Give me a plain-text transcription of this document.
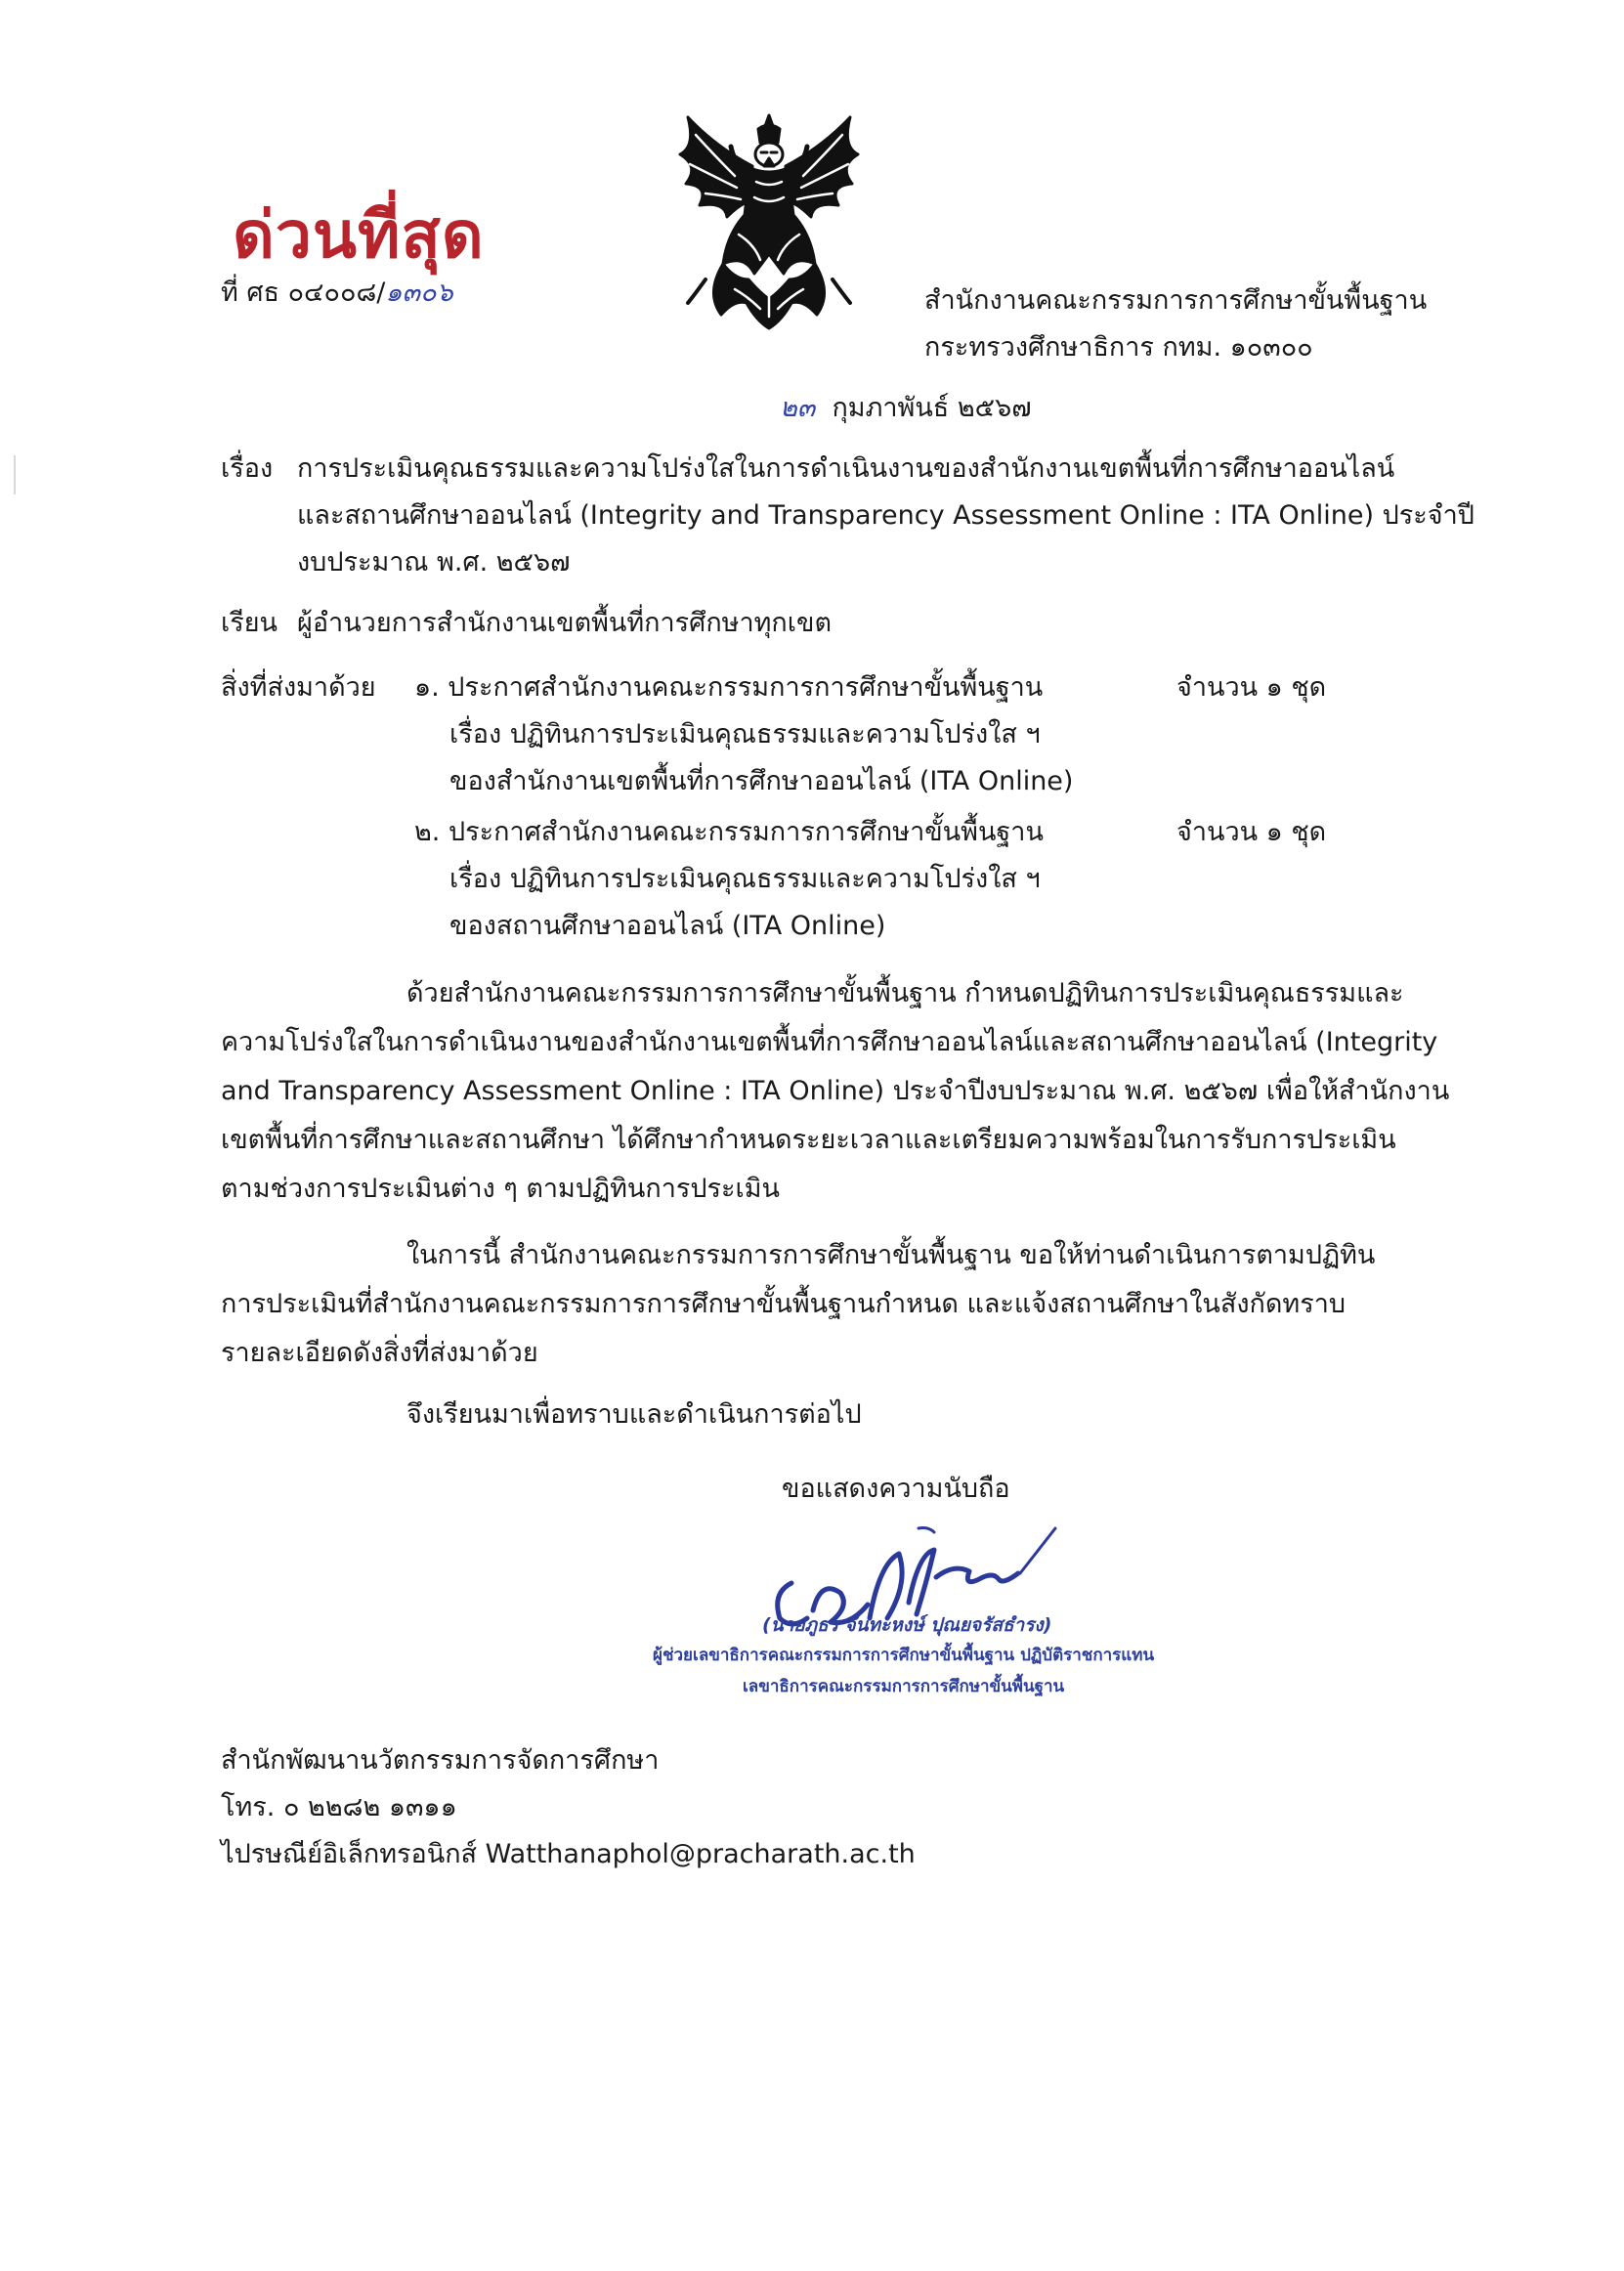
ด่วนที่สุด
ที่ ศธ ๐๔๐๐๘/๑๓๐๖	สำนักงานคณะกรรมการการศึกษาขั้นพื้นฐาน
กระทรวงศึกษาธิการ กทม. ๑๐๓๐๐
๒๓ กุมภาพันธ์ ๒๕๖๗
เรื่อง การประเมินคุณธรรมและความโปร่งใสในการดำเนินงานของสำนักงานเขตพื้นที่การศึกษาออนไลน์
และสถานศึกษาออนไลน์ (Integrity and Transparency Assessment Online : ITA Online) ประจำปี
งบประมาณ พ.ศ. ๒๕๖๗
เรียน ผู้อำนวยการสำนักงานเขตพื้นที่การศึกษาทุกเขต
สิ่งที่ส่งมาด้วย ๑. ประกาศสำนักงานคณะกรรมการการศึกษาขั้นพื้นฐาน	จำนวน ๑ ชุด
เรื่อง ปฏิทินการประเมินคุณธรรมและความโปร่งใส ฯ
ของสำนักงานเขตพื้นที่การศึกษาออนไลน์ (ITA Online)
๒. ประกาศสำนักงานคณะกรรมการการศึกษาขั้นพื้นฐาน	จำนวน ๑ ชุด
เรื่อง ปฏิทินการประเมินคุณธรรมและความโปร่งใส ฯ
ของสถานศึกษาออนไลน์ (ITA Online)
ด้วยสำนักงานคณะกรรมการการศึกษาขั้นพื้นฐาน กำหนดปฏิทินการประเมินคุณธรรมและ
ความโปร่งใสในการดำเนินงานของสำนักงานเขตพื้นที่การศึกษาออนไลน์และสถานศึกษาออนไลน์ (Integrity
and Transparency Assessment Online : ITA Online) ประจำปีงบประมาณ พ.ศ. ๒๕๖๗ เพื่อให้สำนักงาน
เขตพื้นที่การศึกษาและสถานศึกษา ได้ศึกษากำหนดระยะเวลาและเตรียมความพร้อมในการรับการประเมิน
ตามช่วงการประเมินต่าง ๆ ตามปฏิทินการประเมิน
ในการนี้ สำนักงานคณะกรรมการการศึกษาขั้นพื้นฐาน ขอให้ท่านดำเนินการตามปฏิทิน
การประเมินที่สำนักงานคณะกรรมการการศึกษาขั้นพื้นฐานกำหนด และแจ้งสถานศึกษาในสังกัดทราบ
รายละเอียดดังสิ่งที่ส่งมาด้วย
จึงเรียนมาเพื่อทราบและดำเนินการต่อไป
ขอแสดงความนับถือ
(นายภูธร จันทะหงษ์ ปุณยจรัสธำรง)
ผู้ช่วยเลขาธิการคณะกรรมการการศึกษาขั้นพื้นฐาน ปฏิบัติราชการแทน
เลขาธิการคณะกรรมการการศึกษาขั้นพื้นฐาน
สำนักพัฒนานวัตกรรมการจัดการศึกษา
โทร. ๐ ๒๒๘๒ ๑๓๑๑
ไปรษณีย์อิเล็กทรอนิกส์ Watthanaphol@pracharath.ac.th
